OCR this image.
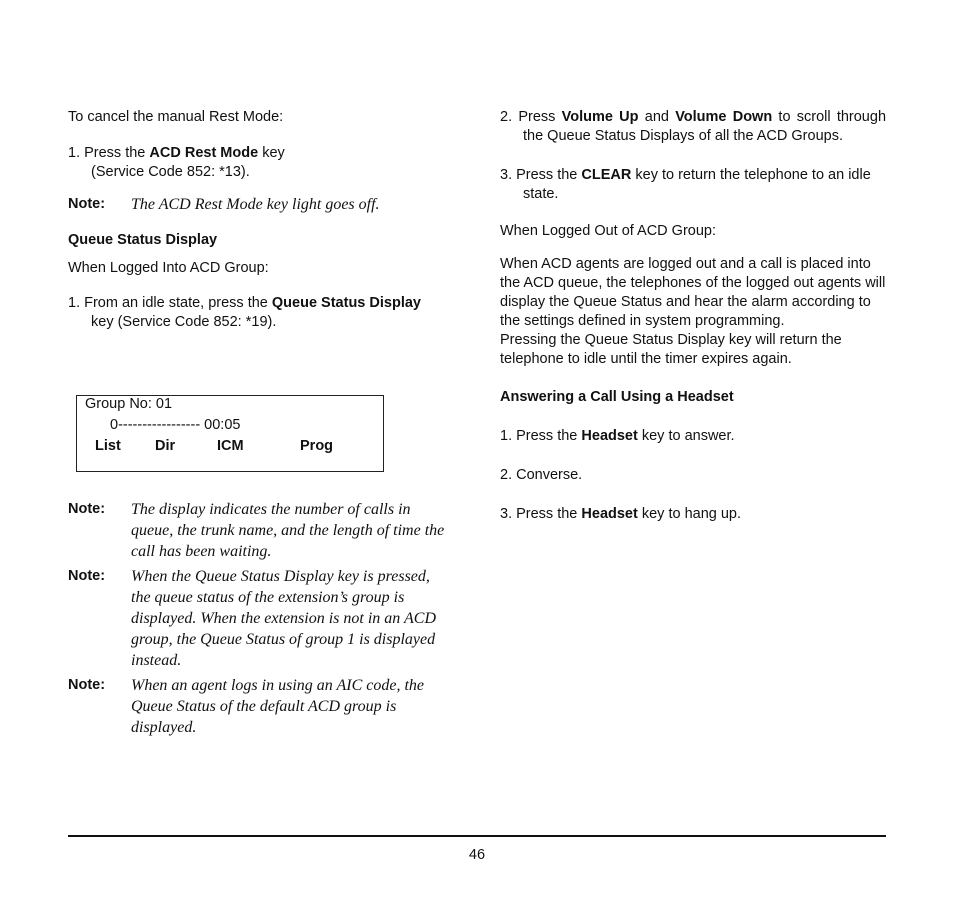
To cancel the manual Rest Mode:

1. Press the ACD Rest Mode key
(Service Code 852: *13).

Note:	The ACD Rest Mode key light goes off.

Queue Status Display

When Logged Into ACD Group:

1. From an idle state, press the Queue Status Display
key (Service Code 852: *19).

Group No: 01
0----------------- 00:05
List Dir	ICM	Prog
Note:	The display indicates the number of calls in queue, the trunk name, and the length of time the call has been waiting.
Note:	When the Queue Status Display key is pressed, the queue status of the extension’s group is displayed. When the extension is not in an ACD group, the Queue Status of group 1 is displayed instead.
Note:	When an agent logs in using an AIC code, the Queue Status of the default ACD group is displayed.

2. Press Volume Up and Volume Down to scroll through the Queue Status Displays of all the ACD Groups.

3. Press the CLEAR key to return the telephone to an idle state.

When Logged Out of ACD Group:

When ACD agents are logged out and a call is placed into the ACD queue, the telephones of the logged out agents will display the Queue Status and hear the alarm according to the settings defined in system programming.

Pressing the Queue Status Display key will return the telephone to idle until the timer expires again.

Answering a Call Using a Headset

1. Press the Headset key to answer.

2. Converse.

3. Press the Headset key to hang up.

46
